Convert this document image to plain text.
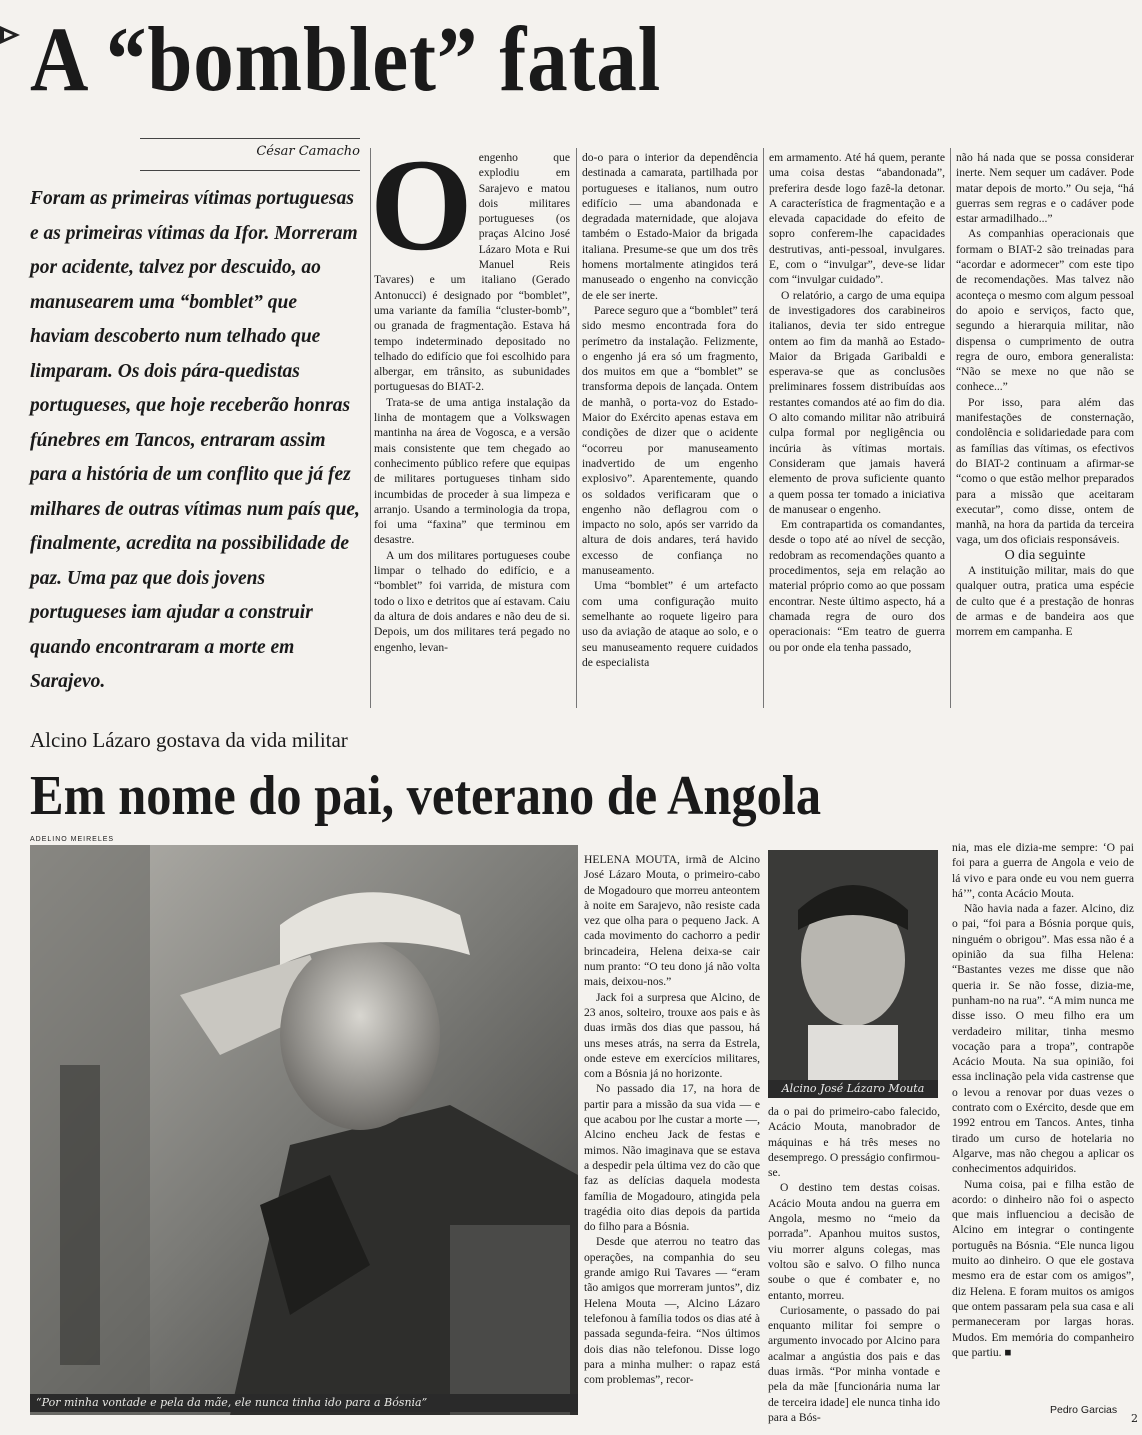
A “bomblet” fatal
César Camacho

Foram as primeiras vítimas portuguesas e as primeiras vítimas da Ifor. Morreram por acidente, talvez por descuido, ao manusearem uma “bomblet” que haviam descoberto num telhado que limparam. Os dois pára-quedistas portugueses, que hoje receberão honras fúnebres em Tancos, entraram assim para a história de um conflito que já fez milhares de outras vítimas num país que, finalmente, acredita na possibilidade de paz. Uma paz que dois jovens portugueses iam ajudar a construir quando encontraram a morte em Sarajevo.

O engenho que explodiu em Sarajevo e matou dois militares portugueses (os praças Alcino José Lázaro Mota e Rui Manuel Reis Tavares) e um italiano (Gerado Antonucci) é designado por “bomblet”, uma variante da família “cluster-bomb”, ou granada de fragmentação. Estava há tempo indeterminado depositado no telhado do edifício que foi escolhido para albergar, em trânsito, as subunidades portuguesas do BIAT-2.

Trata-se de uma antiga instalação da linha de montagem que a Volkswagen mantinha na área de Vogosca, e a versão mais consistente que tem chegado ao conhecimento público refere que equipas de militares portugueses tinham sido incumbidas de proceder à sua limpeza e arranjo. Usando a terminologia da tropa, foi uma “faxina” que terminou em desastre.

A um dos militares portugueses coube limpar o telhado do edifício, e a “bomblet” foi varrida, de mistura com todo o lixo e detritos que aí estavam. Caiu da altura de dois andares e não deu de si. Depois, um dos militares terá pegado no engenho, levan-

do-o para o interior da dependência destinada a camarata, partilhada por portugueses e italianos, num outro edifício — uma abandonada e degradada maternidade, que alojava também o Estado-Maior da brigada italiana. Presume-se que um dos três homens mortalmente atingidos terá manuseado o engenho na convicção de ele ser inerte.

Parece seguro que a “bomblet” terá sido mesmo encontrada fora do perímetro da instalação. Felizmente, o engenho já era só um fragmento, dos muitos em que a “bomblet” se transforma depois de lançada. Ontem de manhã, o porta-voz do Estado-Maior do Exército apenas estava em condições de dizer que o acidente “ocorreu por manuseamento inadvertido de um engenho explosivo”. Aparentemente, quando os soldados verificaram que o engenho não deflagrou com o impacto no solo, após ser varrido da altura de dois andares, terá havido excesso de confiança no manuseamento.

Uma “bomblet” é um artefacto com uma configuração muito semelhante ao roquete ligeiro para uso da aviação de ataque ao solo, e o seu manuseamento requere cuidados de especialista

em armamento. Até há quem, perante uma coisa destas “abandonada”, preferira desde logo fazê-la detonar. A característica de fragmentação e a elevada capacidade do efeito de sopro conferem-lhe capacidades destrutivas, anti-pessoal, invulgares. E, com o “invulgar”, deve-se lidar com “invulgar cuidado”.

O relatório, a cargo de uma equipa de investigadores dos carabineiros italianos, devia ter sido entregue ontem ao fim da manhã ao Estado-Maior da Brigada Garibaldi e esperava-se que as conclusões preliminares fossem distribuídas aos restantes comandos até ao fim do dia. O alto comando militar não atribuirá culpa formal por negligência ou incúria às vítimas mortais. Consideram que jamais haverá elemento de prova suficiente quanto a quem possa ter tomado a iniciativa de manusear o engenho.

Em contrapartida os comandantes, desde o topo até ao nível de secção, redobram as recomendações quanto a procedimentos, seja em relação ao material próprio como ao que possam encontrar. Neste último aspecto, há a chamada regra de ouro dos operacionais: “Em teatro de guerra ou por onde ela tenha passado,

não há nada que se possa considerar inerte. Nem sequer um cadáver. Pode matar depois de morto.” Ou seja, “há guerras sem regras e o cadáver pode estar armadilhado...”

As companhias operacionais que formam o BIAT-2 são treinadas para “acordar e adormecer” com este tipo de recomendações. Mas talvez não aconteça o mesmo com algum pessoal do apoio e serviços, facto que, segundo a hierarquia militar, não dispensa o cumprimento de outra regra de ouro, embora generalista: “Não se mexe no que não se conhece...”

Por isso, para além das manifestações de consternação, condolência e solidariedade para com as famílias das vítimas, os efectivos do BIAT-2 continuam a afirmar-se “como o que estão melhor preparados para a missão que aceitaram executar”, como disse, ontem de manhã, na hora da partida da terceira vaga, um dos oficiais responsáveis.

O dia seguinte

A instituição militar, mais do que qualquer outra, pratica uma espécie de culto que é a prestação de honras de armas e de bandeira aos que morrem em campanha. E

Alcino Lázaro gostava da vida militar
Em nome do pai, veterano de Angola
ADELINO MEIRELES
“Por minha vontade e pela da mãe, ele nunca tinha ido para a Bósnia”

HELENA MOUTA, irmã de Alcino José Lázaro Mouta, o primeiro-cabo de Mogadouro que morreu anteontem à noite em Sarajevo, não resiste cada vez que olha para o pequeno Jack. A cada movimento do cachorro a pedir brincadeira, Helena deixa-se cair num pranto: “O teu dono já não volta mais, deixou-nos.”

Jack foi a surpresa que Alcino, de 23 anos, solteiro, trouxe aos pais e às duas irmãs dos dias que passou, há uns meses atrás, na serra da Estrela, onde esteve em exercícios militares, com a Bósnia já no horizonte.

No passado dia 17, na hora de partir para a missão da sua vida — e que acabou por lhe custar a morte —, Alcino encheu Jack de festas e mimos. Não imaginava que se estava a despedir pela última vez do cão que faz as delícias daquela modesta família de Mogadouro, atingida pela tragédia oito dias depois da partida do filho para a Bósnia.

Desde que aterrou no teatro das operações, na companhia do seu grande amigo Rui Tavares — “eram tão amigos que morreram juntos”, diz Helena Mouta —, Alcino Lázaro telefonou à família todos os dias até à passada segunda-feira. “Nos últimos dois dias não telefonou. Disse logo para a minha mulher: o rapaz está com problemas”, recor-

Alcino José Lázaro Mouta

da o pai do primeiro-cabo falecido, Acácio Mouta, manobrador de máquinas e há três meses no desemprego. O presságio confirmou-se.

O destino tem destas coisas. Acácio Mouta andou na guerra em Angola, mesmo no “meio da porrada”. Apanhou muitos sustos, viu morrer alguns colegas, mas voltou são e salvo. O filho nunca soube o que é combater e, no entanto, morreu.

Curiosamente, o passado do pai enquanto militar foi sempre o argumento invocado por Alcino para acalmar a angústia dos pais e das duas irmãs. “Por minha vontade e pela da mãe [funcionária numa lar de terceira idade] ele nunca tinha ido para a Bós-

nia, mas ele dizia-me sempre: ‘O pai foi para a guerra de Angola e veio de lá vivo e para onde eu vou nem guerra há’”, conta Acácio Mouta.

Não havia nada a fazer. Alcino, diz o pai, “foi para a Bósnia porque quis, ninguém o obrigou”. Mas essa não é a opinião da sua filha Helena: “Bastantes vezes me disse que não queria ir. Se não fosse, dizia-me, punham-no na rua”. “A mim nunca me disse isso. O meu filho era um verdadeiro militar, tinha mesmo vocação para a tropa”, contrapõe Acácio Mouta. Na sua opinião, foi essa inclinação pela vida castrense que o levou a renovar por duas vezes o contrato com o Exército, desde que em 1992 entrou em Tancos. Antes, tinha tirado um curso de hotelaria no Algarve, mas não chegou a aplicar os conhecimentos adquiridos.

Numa coisa, pai e filha estão de acordo: o dinheiro não foi o aspecto que mais influenciou a decisão de Alcino em integrar o contingente português na Bósnia. “Ele nunca ligou muito ao dinheiro. O que ele gostava mesmo era de estar com os amigos”, diz Helena. E foram muitos os amigos que ontem passaram pela sua casa e ali permaneceram por largas horas. Mudos. Em memória do companheiro que partiu. ■

Pedro Garcias
2
